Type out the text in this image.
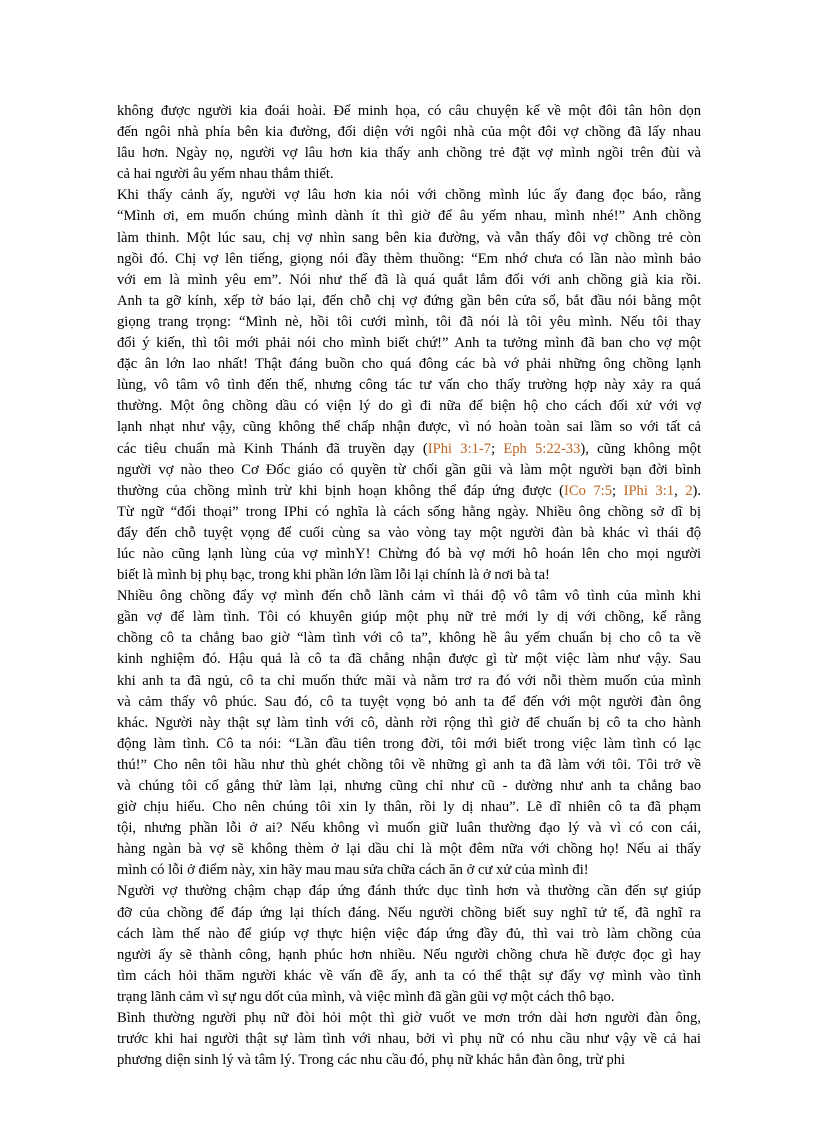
không được người kia đoái hoài. Để minh họa, có câu chuyện kể về một đôi tân hôn dọn
đến ngôi nhà phía bên kia đường, đối diện với ngôi nhà của một đôi vợ chồng đã lấy nhau
lâu hơn. Ngày nọ, người vợ lâu hơn kia thấy anh chồng trẻ đặt vợ mình ngồi trên đùi và
cả hai người âu yếm nhau thắm thiết.
Khi thấy cảnh ấy, người vợ lâu hơn kia nói với chồng mình lúc ấy đang đọc báo, rằng
“Mình ơi, em muốn chúng mình dành ít thì giờ để âu yếm nhau, mình nhé!” Anh chồng
làm thinh. Một lúc sau, chị vợ nhìn sang bên kia đường, và vẫn thấy đôi vợ chồng trẻ còn
ngồi đó. Chị vợ lên tiếng, giọng nói đầy thèm thuồng: “Em nhớ chưa có lần nào mình bảo
với em là mình yêu em”. Nói như thế đã là quá quắt lắm đối với anh chồng già kia rồi.
Anh ta gỡ kính, xếp tờ báo lại, đến chỗ chị vợ đứng gần bên cửa sổ, bắt đầu nói bằng một
giọng trang trọng: “Mình nè, hồi tôi cưới mình, tôi đã nói là tôi yêu mình. Nếu tôi thay
đổi ý kiến, thì tôi mới phải nói cho mình biết chứ!” Anh ta tưởng mình đã ban cho vợ một
đặc ân lớn lao nhất! Thật đáng buồn cho quá đông các bà vớ phải những ông chồng lạnh
lùng, vô tâm vô tình đến thế, nhưng công tác tư vấn cho thấy trường hợp này xảy ra quá
thường. Một ông chồng dầu có viện lý do gì đi nữa để biện hộ cho cách đối xử với vợ
lạnh nhạt như vậy, cũng không thể chấp nhận được, vì nó hoàn toàn sai lầm so với tất cả
các tiêu chuẩn mà Kinh Thánh đã truyền dạy (IPhi 3:1-7; Eph 5:22-33), cũng không một
người vợ nào theo Cơ Đốc giáo có quyền từ chối gần gũi và làm một người bạn đời bình
thường của chồng mình trừ khi bịnh hoạn không thể đáp ứng được (ICo 7:5; IPhi 3:1, 2).
Từ ngữ “đối thoại” trong IPhi có nghĩa là cách sống hằng ngày. Nhiều ông chồng sở dĩ bị
đẩy đến chỗ tuyệt vọng để cuối cùng sa vào vòng tay một người đàn bà khác vì thái độ
lúc nào cũng lạnh lùng của vợ mìnhY! Chừng đó bà vợ mới hô hoán lên cho mọi người
biết là mình bị phụ bạc, trong khi phần lớn lầm lỗi lại chính là ở nơi bà ta!
Nhiều ông chồng đẩy vợ mình đến chỗ lãnh cảm vì thái độ vô tâm vô tình của mình khi
gần vợ để làm tình. Tôi có khuyên giúp một phụ nữ trẻ mới ly dị với chồng, kể rằng
chồng cô ta chẳng bao giờ “làm tình với cô ta”, không hề âu yếm chuẩn bị cho cô ta về
kinh nghiệm đó. Hậu quả là cô ta đã chẳng nhận được gì từ một việc làm như vậy. Sau
khi anh ta đã ngủ, cô ta chỉ muốn thức mãi và nằm trơ ra đó với nỗi thèm muốn của mình
và cảm thấy vô phúc. Sau đó, cô ta tuyệt vọng bỏ anh ta để đến với một người đàn ông
khác. Người này thật sự làm tình với cô, dành rời rộng thì giờ để chuẩn bị cô ta cho hành
động làm tình. Cô ta nói: “Lần đầu tiên trong đời, tôi mới biết trong việc làm tình có lạc
thú!” Cho nên tôi hầu như thù ghét chồng tôi về những gì anh ta đã làm với tôi. Tôi trở về
và chúng tôi cố gắng thử làm lại, nhưng cũng chỉ như cũ - dường như anh ta chẳng bao
giờ chịu hiểu. Cho nên chúng tôi xin ly thân, rồi ly dị nhau”. Lẽ dĩ nhiên cô ta đã phạm
tội, nhưng phần lỗi ở ai? Nếu không vì muốn giữ luân thường đạo lý và vì có con cái,
hàng ngàn bà vợ sẽ không thèm ở lại dầu chỉ là một đêm nữa với chồng họ! Nếu ai thấy
mình có lỗi ở điểm này, xin hãy mau mau sửa chữa cách ăn ở cư xử của mình đi!
Người vợ thường chậm chạp đáp ứng đánh thức dục tình hơn và thường cần đến sự giúp
đỡ của chồng để đáp ứng lại thích đáng. Nếu người chồng biết suy nghĩ tử tế, đã nghĩ ra
cách làm thế nào để giúp vợ thực hiện việc đáp ứng đầy đủ, thì vai trò làm chồng của
người ấy sẽ thành công, hạnh phúc hơn nhiều. Nếu người chồng chưa hề được đọc gì hay
tìm cách hỏi thăm người khác về vấn đề ấy, anh ta có thể thật sự đẩy vợ mình vào tình
trạng lãnh cảm vì sự ngu dốt của mình, và việc mình đã gần gũi vợ một cách thô bạo.
Bình thường người phụ nữ đòi hỏi một thì giờ vuốt ve mơn trớn dài hơn người đàn ông,
trước khi hai người thật sự làm tình với nhau, bởi vì phụ nữ có nhu cầu như vậy về cả hai
phương diện sinh lý và tâm lý. Trong các nhu cầu đó, phụ nữ khác hẳn đàn ông, trừ phi
